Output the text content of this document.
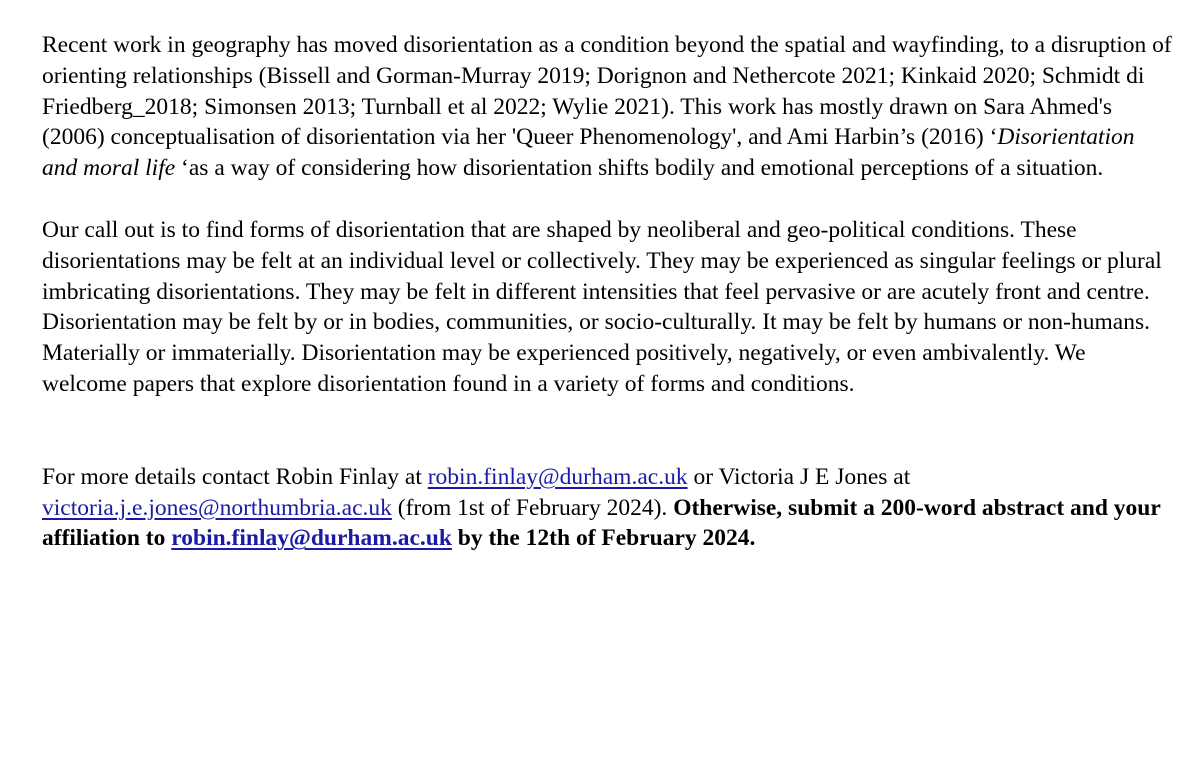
Recent work in geography has moved disorientation as a condition beyond the spatial and wayfinding, to a disruption of orienting relationships (Bissell and Gorman-Murray 2019; Dorignon and Nethercote 2021; Kinkaid 2020; Schmidt di Friedberg_2018; Simonsen 2013; Turnball et al 2022; Wylie 2021). This work has mostly drawn on Sara Ahmed's (2006) conceptualisation of disorientation via her 'Queer Phenomenology', and Ami Harbin’s (2016) ‘Disorientation and moral life ‘as a way of considering how disorientation shifts bodily and emotional perceptions of a situation.

Our call out is to find forms of disorientation that are shaped by neoliberal and geo-political conditions. These disorientations may be felt at an individual level or collectively. They may be experienced as singular feelings or plural imbricating disorientations. They may be felt in different intensities that feel pervasive or are acutely front and centre. Disorientation may be felt by or in bodies, communities, or socio-culturally. It may be felt by humans or non-humans. Materially or immaterially. Disorientation may be experienced positively, negatively, or even ambivalently. We welcome papers that explore disorientation found in a variety of forms and conditions.

For more details contact Robin Finlay at robin.finlay@durham.ac.uk or Victoria J E Jones at victoria.j.e.jones@northumbria.ac.uk (from 1st of February 2024). Otherwise, submit a 200-word abstract and your affiliation to robin.finlay@durham.ac.uk by the 12th of February 2024.
